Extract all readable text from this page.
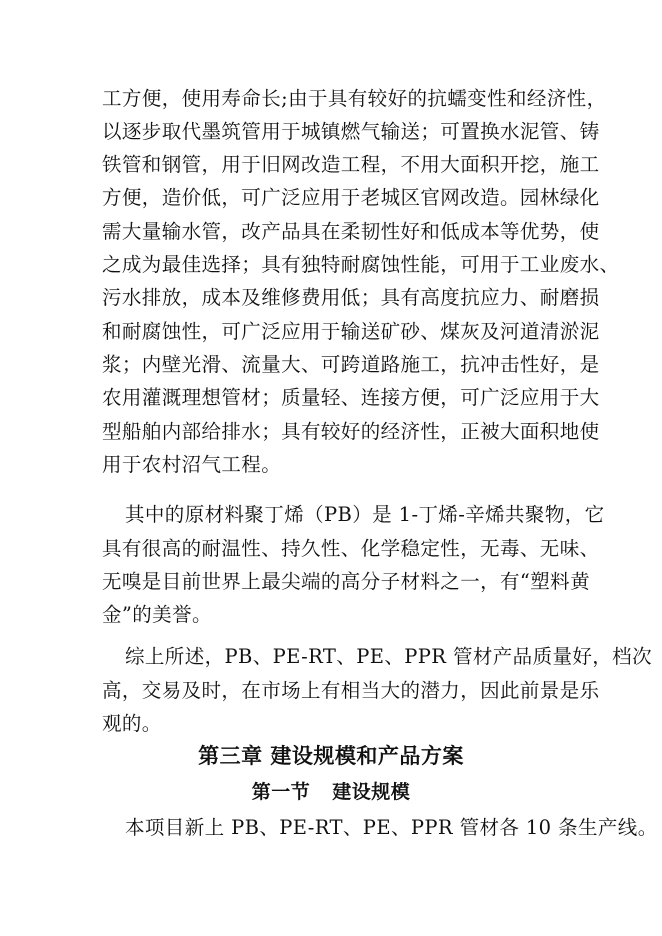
工方便，使用寿命长;由于具有较好的抗蠕变性和经济性，
以逐步取代墨筑管用于城镇燃气输送；可置换水泥管、铸
铁管和钢管，用于旧网改造工程，不用大面积开挖，施工
方便，造价低，可广泛应用于老城区官网改造。园林绿化
需大量输水管，改产品具在柔韧性好和低成本等优势，使
之成为最佳选择；具有独特耐腐蚀性能，可用于工业废水、
污水排放，成本及维修费用低；具有高度抗应力、耐磨损
和耐腐蚀性，可广泛应用于输送矿砂、煤灰及河道清淤泥
浆；内壁光滑、流量大、可跨道路施工，抗冲击性好，是
农用灌溉理想管材；质量轻、连接方便，可广泛应用于大
型船舶内部给排水；具有较好的经济性，正被大面积地使
用于农村沼气工程。
其中的原材料聚丁烯（PB）是 1-丁烯-辛烯共聚物，它
具有很高的耐温性、持久性、化学稳定性，无毒、无味、
无嗅是目前世界上最尖端的高分子材料之一，有“塑料黄
金”的美誉。
综上所述，PB、PE-RT、PE、PPR 管材产品质量好，档次
高，交易及时，在市场上有相当大的潜力，因此前景是乐
观的。
第三章 建设规模和产品方案
第一节 建设规模
本项目新上 PB、PE-RT、PE、PPR 管材各 10 条生产线。
